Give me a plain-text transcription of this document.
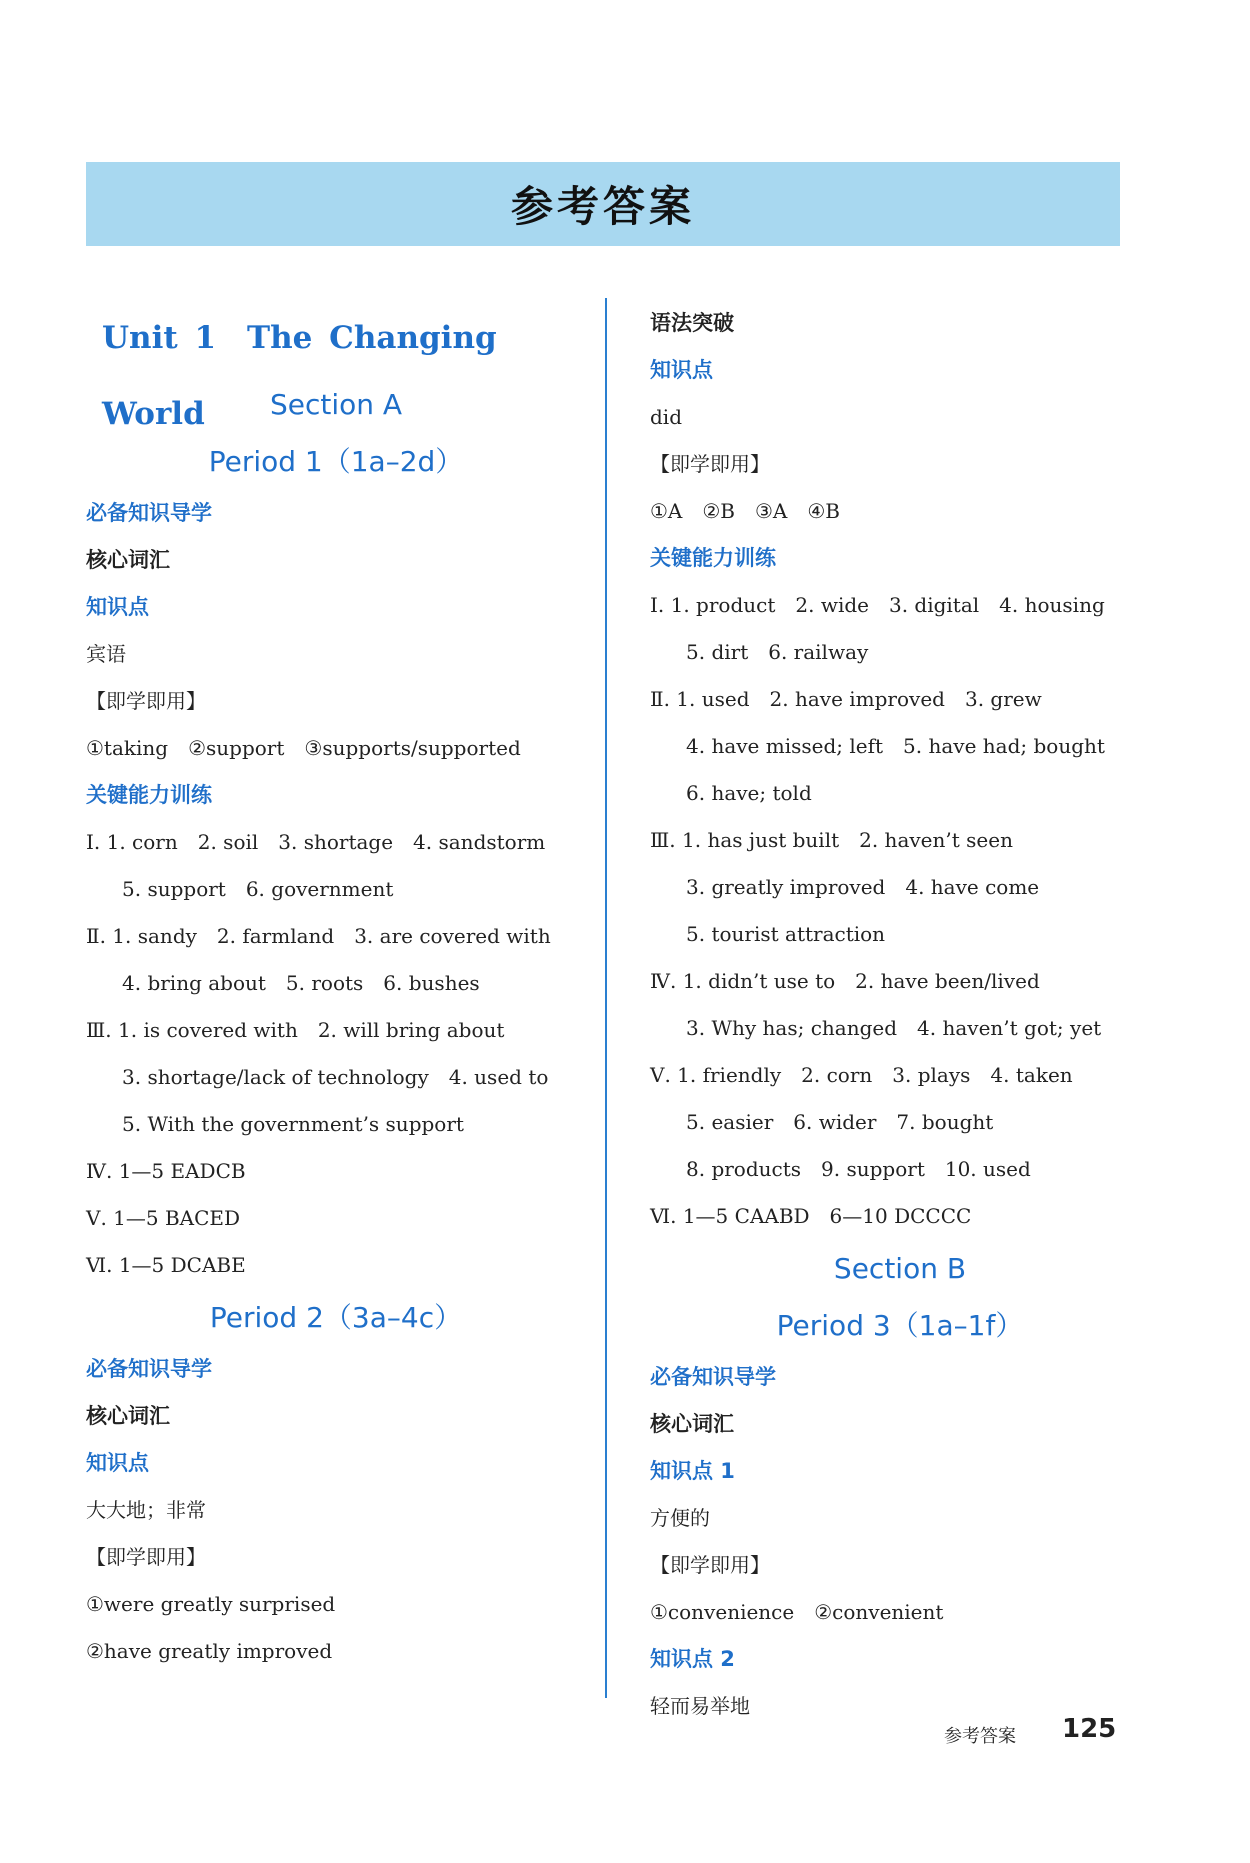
参考答案
Unit 1　The Changing World	Section A
Period 1（1a–2d）
必备知识导学
核心词汇
知识点
宾语
【即学即用】
①taking　②support　③supports/supported
关键能力训练
Ⅰ. 1. corn　2. soil　3. shortage　4. sandstorm
5. support　6. government
Ⅱ. 1. sandy　2. farmland　3. are covered with
4. bring about　5. roots　6. bushes
Ⅲ. 1. is covered with　2. will bring about
3. shortage/lack of technology　4. used to
5. With the government’s support
Ⅳ. 1—5 EADCB
Ⅴ. 1—5 BACED
Ⅵ. 1—5 DCABE
Period 2（3a–4c）
必备知识导学
核心词汇
知识点
大大地；非常
【即学即用】
①were greatly surprised
②have greatly improved
语法突破
知识点
did
【即学即用】
①A　②B　③A　④B
关键能力训练
Ⅰ. 1. product　2. wide　3. digital　4. housing
5. dirt　6. railway
Ⅱ. 1. used　2. have improved　3. grew
4. have missed; left　5. have had; bought
6. have; told
Ⅲ. 1. has just built　2. haven’t seen
3. greatly improved　4. have come
5. tourist attraction
Ⅳ. 1. didn’t use to　2. have been/lived
3. Why has; changed　4. haven’t got; yet
Ⅴ. 1. friendly　2. corn　3. plays　4. taken
5. easier　6. wider　7. bought
8. products　9. support　10. used
Ⅵ. 1—5 CAABD　6—10 DCCCC
Section B
Period 3（1a–1f）
必备知识导学
核心词汇
知识点 1
方便的
【即学即用】
①convenience　②convenient
知识点 2
轻而易举地
参考答案 125
